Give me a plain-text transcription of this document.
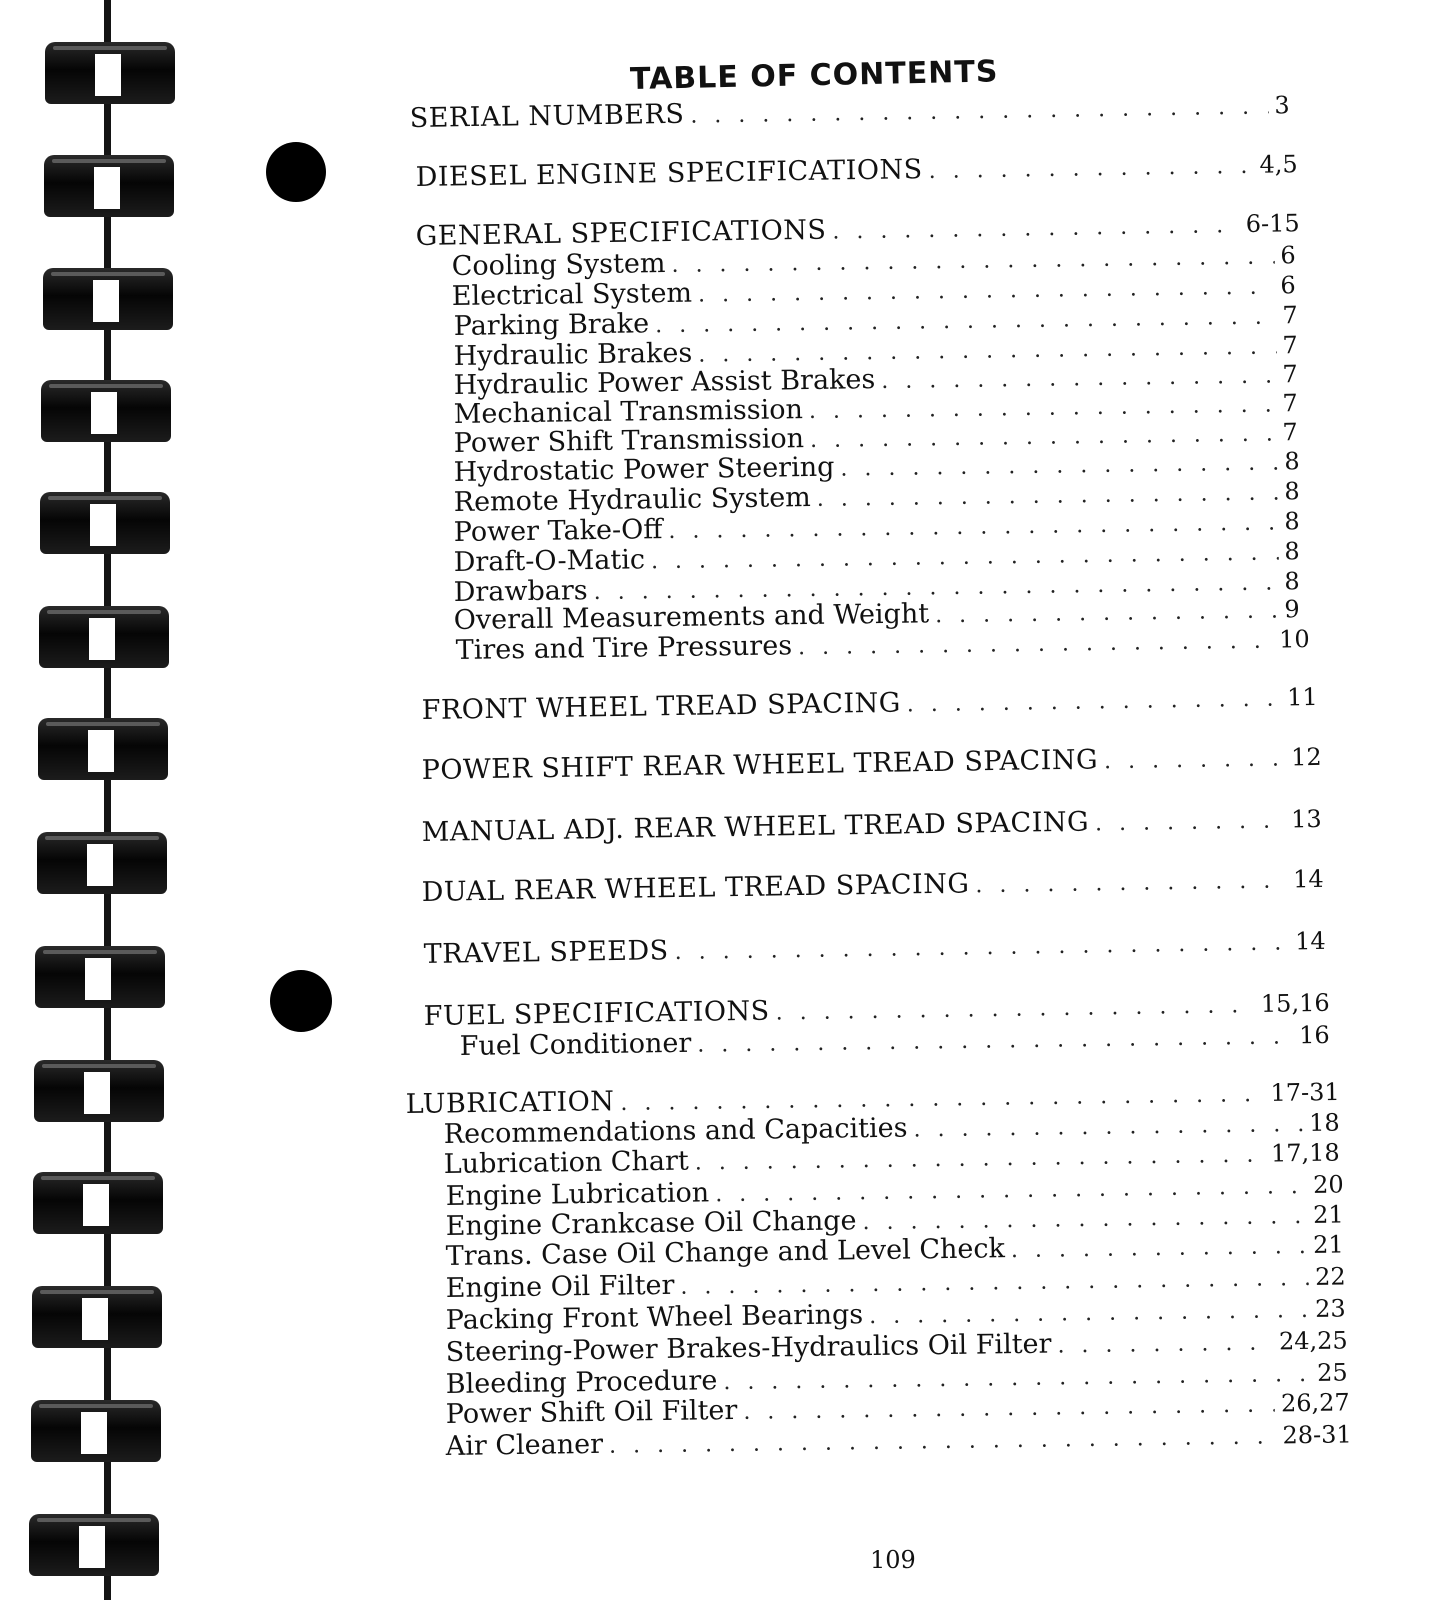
TABLE OF CONTENTS
SERIAL NUMBERS . . .	3
DIESEL ENGINE SPECIFICATIONS . . .	4,5
GENERAL SPECIFICATIONS . . .	6-15
Cooling System . . .	6
Electrical System . . .	6
Parking Brake . . .	7
Hydraulic Brakes . . .	7
Hydraulic Power Assist Brakes . . .	7
Mechanical Transmission . . .	7
Power Shift Transmission . . .	7
Hydrostatic Power Steering . . .	8
Remote Hydraulic System . . .	8
Power Take-Off . . .	8
Draft-O-Matic . . .	8
Drawbars . . .	8
Overall Measurements and Weight . . .	9
Tires and Tire Pressures . . .	10
FRONT WHEEL TREAD SPACING . . .	11
POWER SHIFT REAR WHEEL TREAD SPACING . . .	12
MANUAL ADJ. REAR WHEEL TREAD SPACING . . .	13
DUAL REAR WHEEL TREAD SPACING . . .	14
TRAVEL SPEEDS . . .	14
FUEL SPECIFICATIONS . . .	15,16
Fuel Conditioner . . .	16
LUBRICATION . . .	17-31
Recommendations and Capacities . . .	18
Lubrication Chart . . .	17,18
Engine Lubrication . . .	20
Engine Crankcase Oil Change . . .	21
Trans. Case Oil Change and Level Check . . .	21
Engine Oil Filter . . .	22
Packing Front Wheel Bearings . . .	23
Steering-Power Brakes-Hydraulics Oil Filter . . .	24,25
Bleeding Procedure . . .	25
Power Shift Oil Filter . . .	26,27
Air Cleaner . . .	28-31
109
